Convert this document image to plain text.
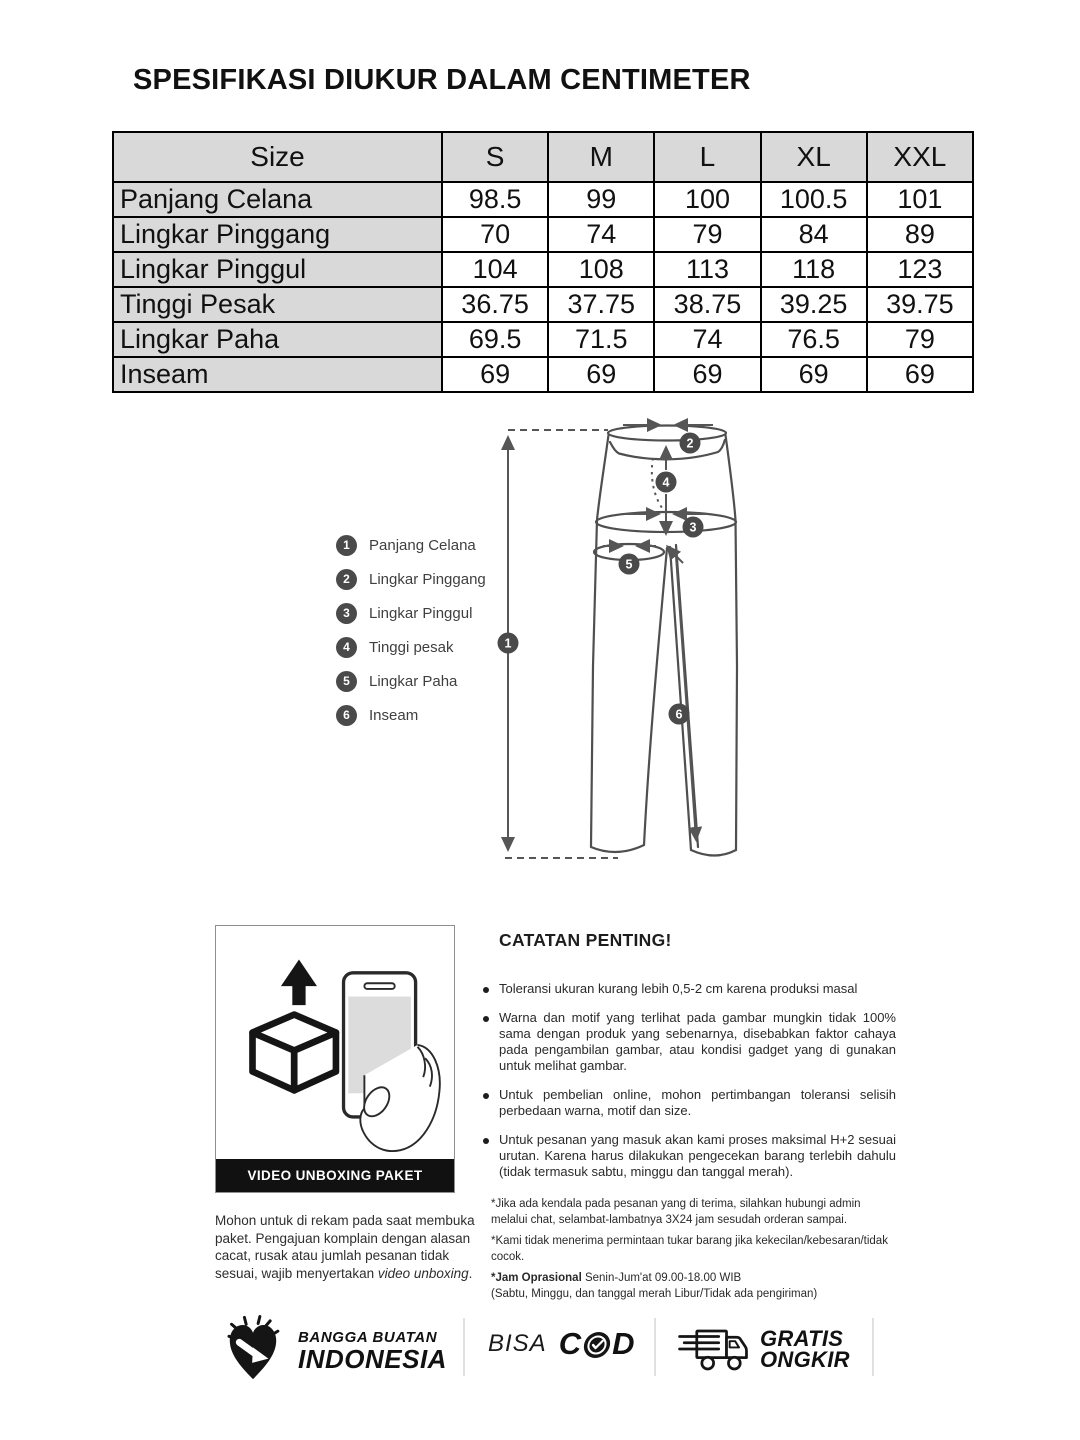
SPESIFIKASI DIUKUR DALAM CENTIMETER
Size	S	M	L	XL	XXL
Panjang Celana	98.5	99	100	100.5	101
Lingkar Pinggang	70	74	79	84	89
Lingkar Pinggul	104	108	113	118	123
Tinggi Pesak	36.75	37.75	38.75	39.25	39.75
Lingkar Paha	69.5	71.5	74	76.5	79
Inseam	69	69	69	69	69
1	Panjang Celana
2	Lingkar Pinggang
3	Lingkar Pinggul
4	Tinggi pesak
5	Lingkar Paha
6	Inseam
1
2
3
4
5
6
VIDEO UNBOXING PAKET
Mohon untuk di rekam pada saat membuka paket. Pengajuan komplain dengan alasan cacat, rusak atau jumlah pesanan tidak sesuai, wajib menyertakan video unboxing.
CATATAN PENTING!
Toleransi ukuran kurang lebih 0,5-2 cm karena produksi masal
Warna dan motif yang terlihat pada gambar mungkin tidak 100% sama dengan produk yang sebenarnya, disebabkan faktor cahaya pada pengambilan gambar, atau kondisi gadget yang di gunakan untuk melihat gambar.
Untuk pembelian online, mohon pertimbangan toleransi selisih perbedaan warna, motif dan size.
Untuk pesanan yang masuk akan kami proses maksimal H+2 sesuai urutan. Karena harus dilakukan pengecekan barang terlebih dahulu (tidak termasuk sabtu, minggu dan tanggal merah).
*Jika ada kendala pada pesanan yang di terima, silahkan hubungi admin melalui chat, selambat-lambatnya 3X24 jam sesudah orderan sampai.
*Kami tidak menerima permintaan tukar barang jika kekecilan/kebesaran/tidak cocok.
*Jam Oprasional Senin-Jum'at 09.00-18.00 WIB
(Sabtu, Minggu, dan tanggal merah Libur/Tidak ada pengiriman)
BANGGA BUATAN
INDONESIA BISA C D	GRATIS
ONGKIR
